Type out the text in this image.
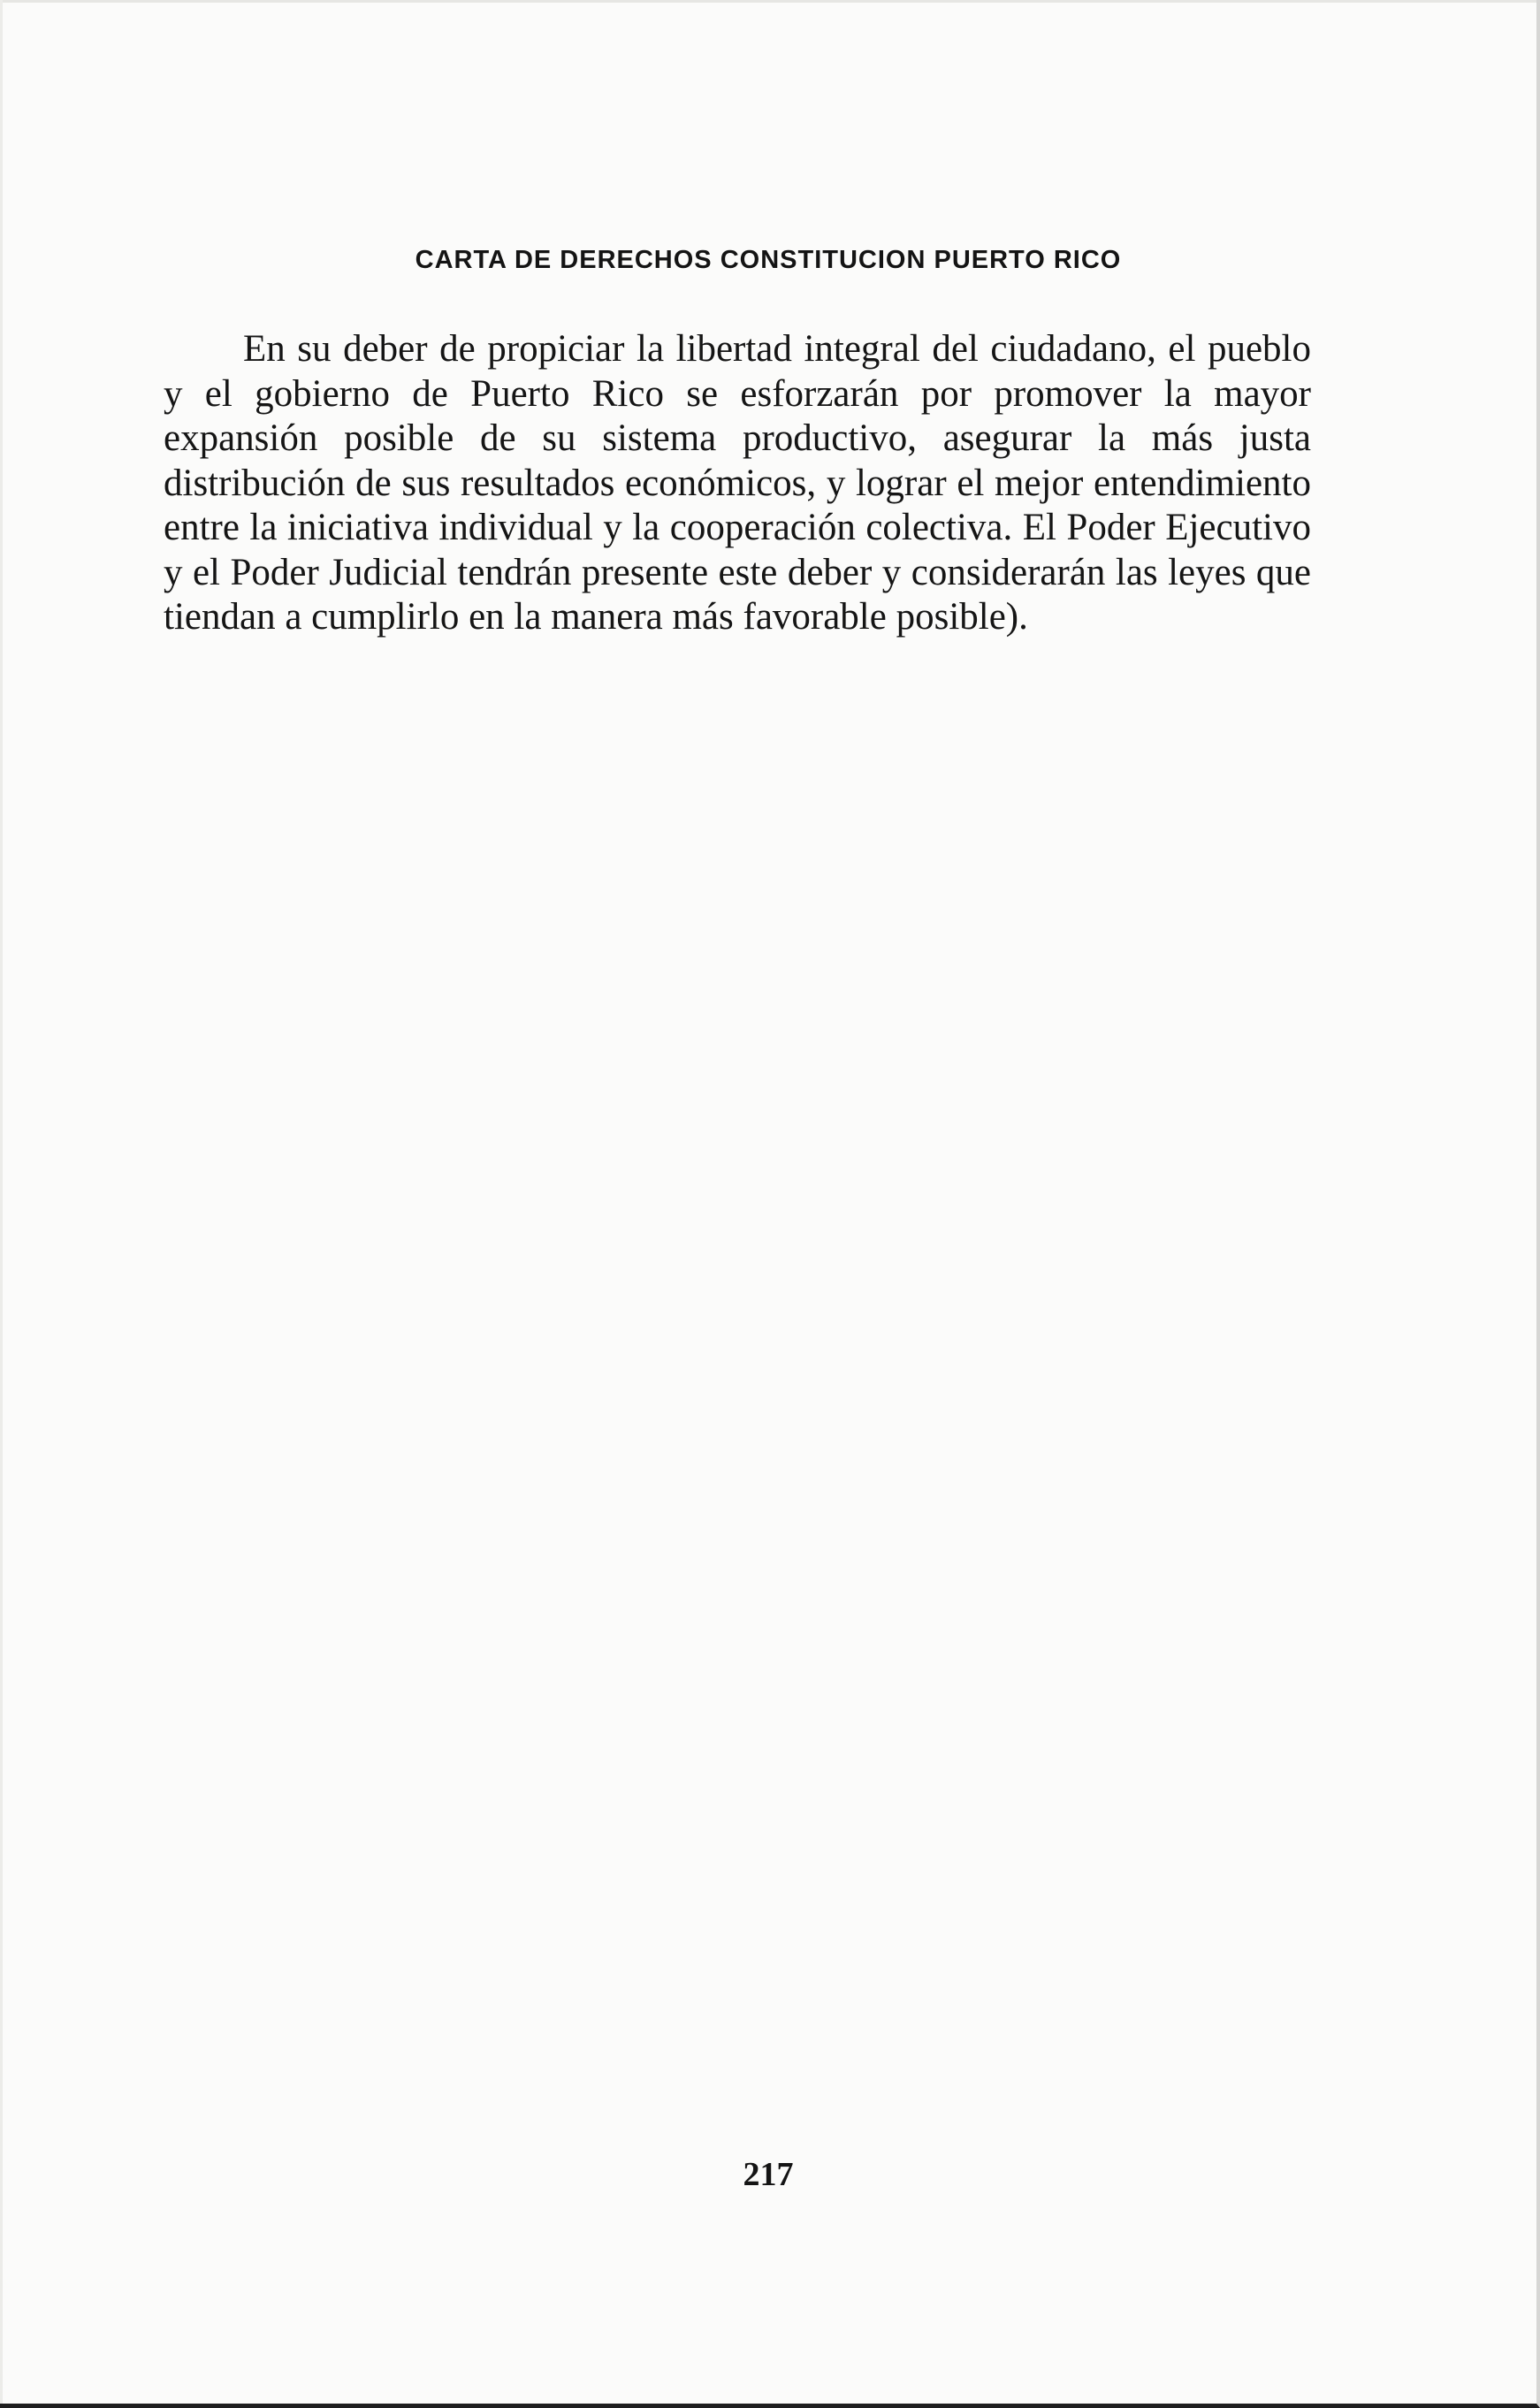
CARTA DE DERECHOS CONSTITUCION PUERTO RICO

En su deber de propiciar la libertad integral del ciudadano, el pueblo y el gobierno de Puerto Rico se esforzarán por promover la mayor expansión posible de su sistema productivo, asegurar la más justa distribución de sus resultados económicos, y lograr el mejor entendimiento entre la iniciativa individual y la cooperación colectiva. El Poder Ejecutivo y el Poder Judicial tendrán presente este deber y considerarán las leyes que tiendan a cumplirlo en la manera más favorable posible).

217
